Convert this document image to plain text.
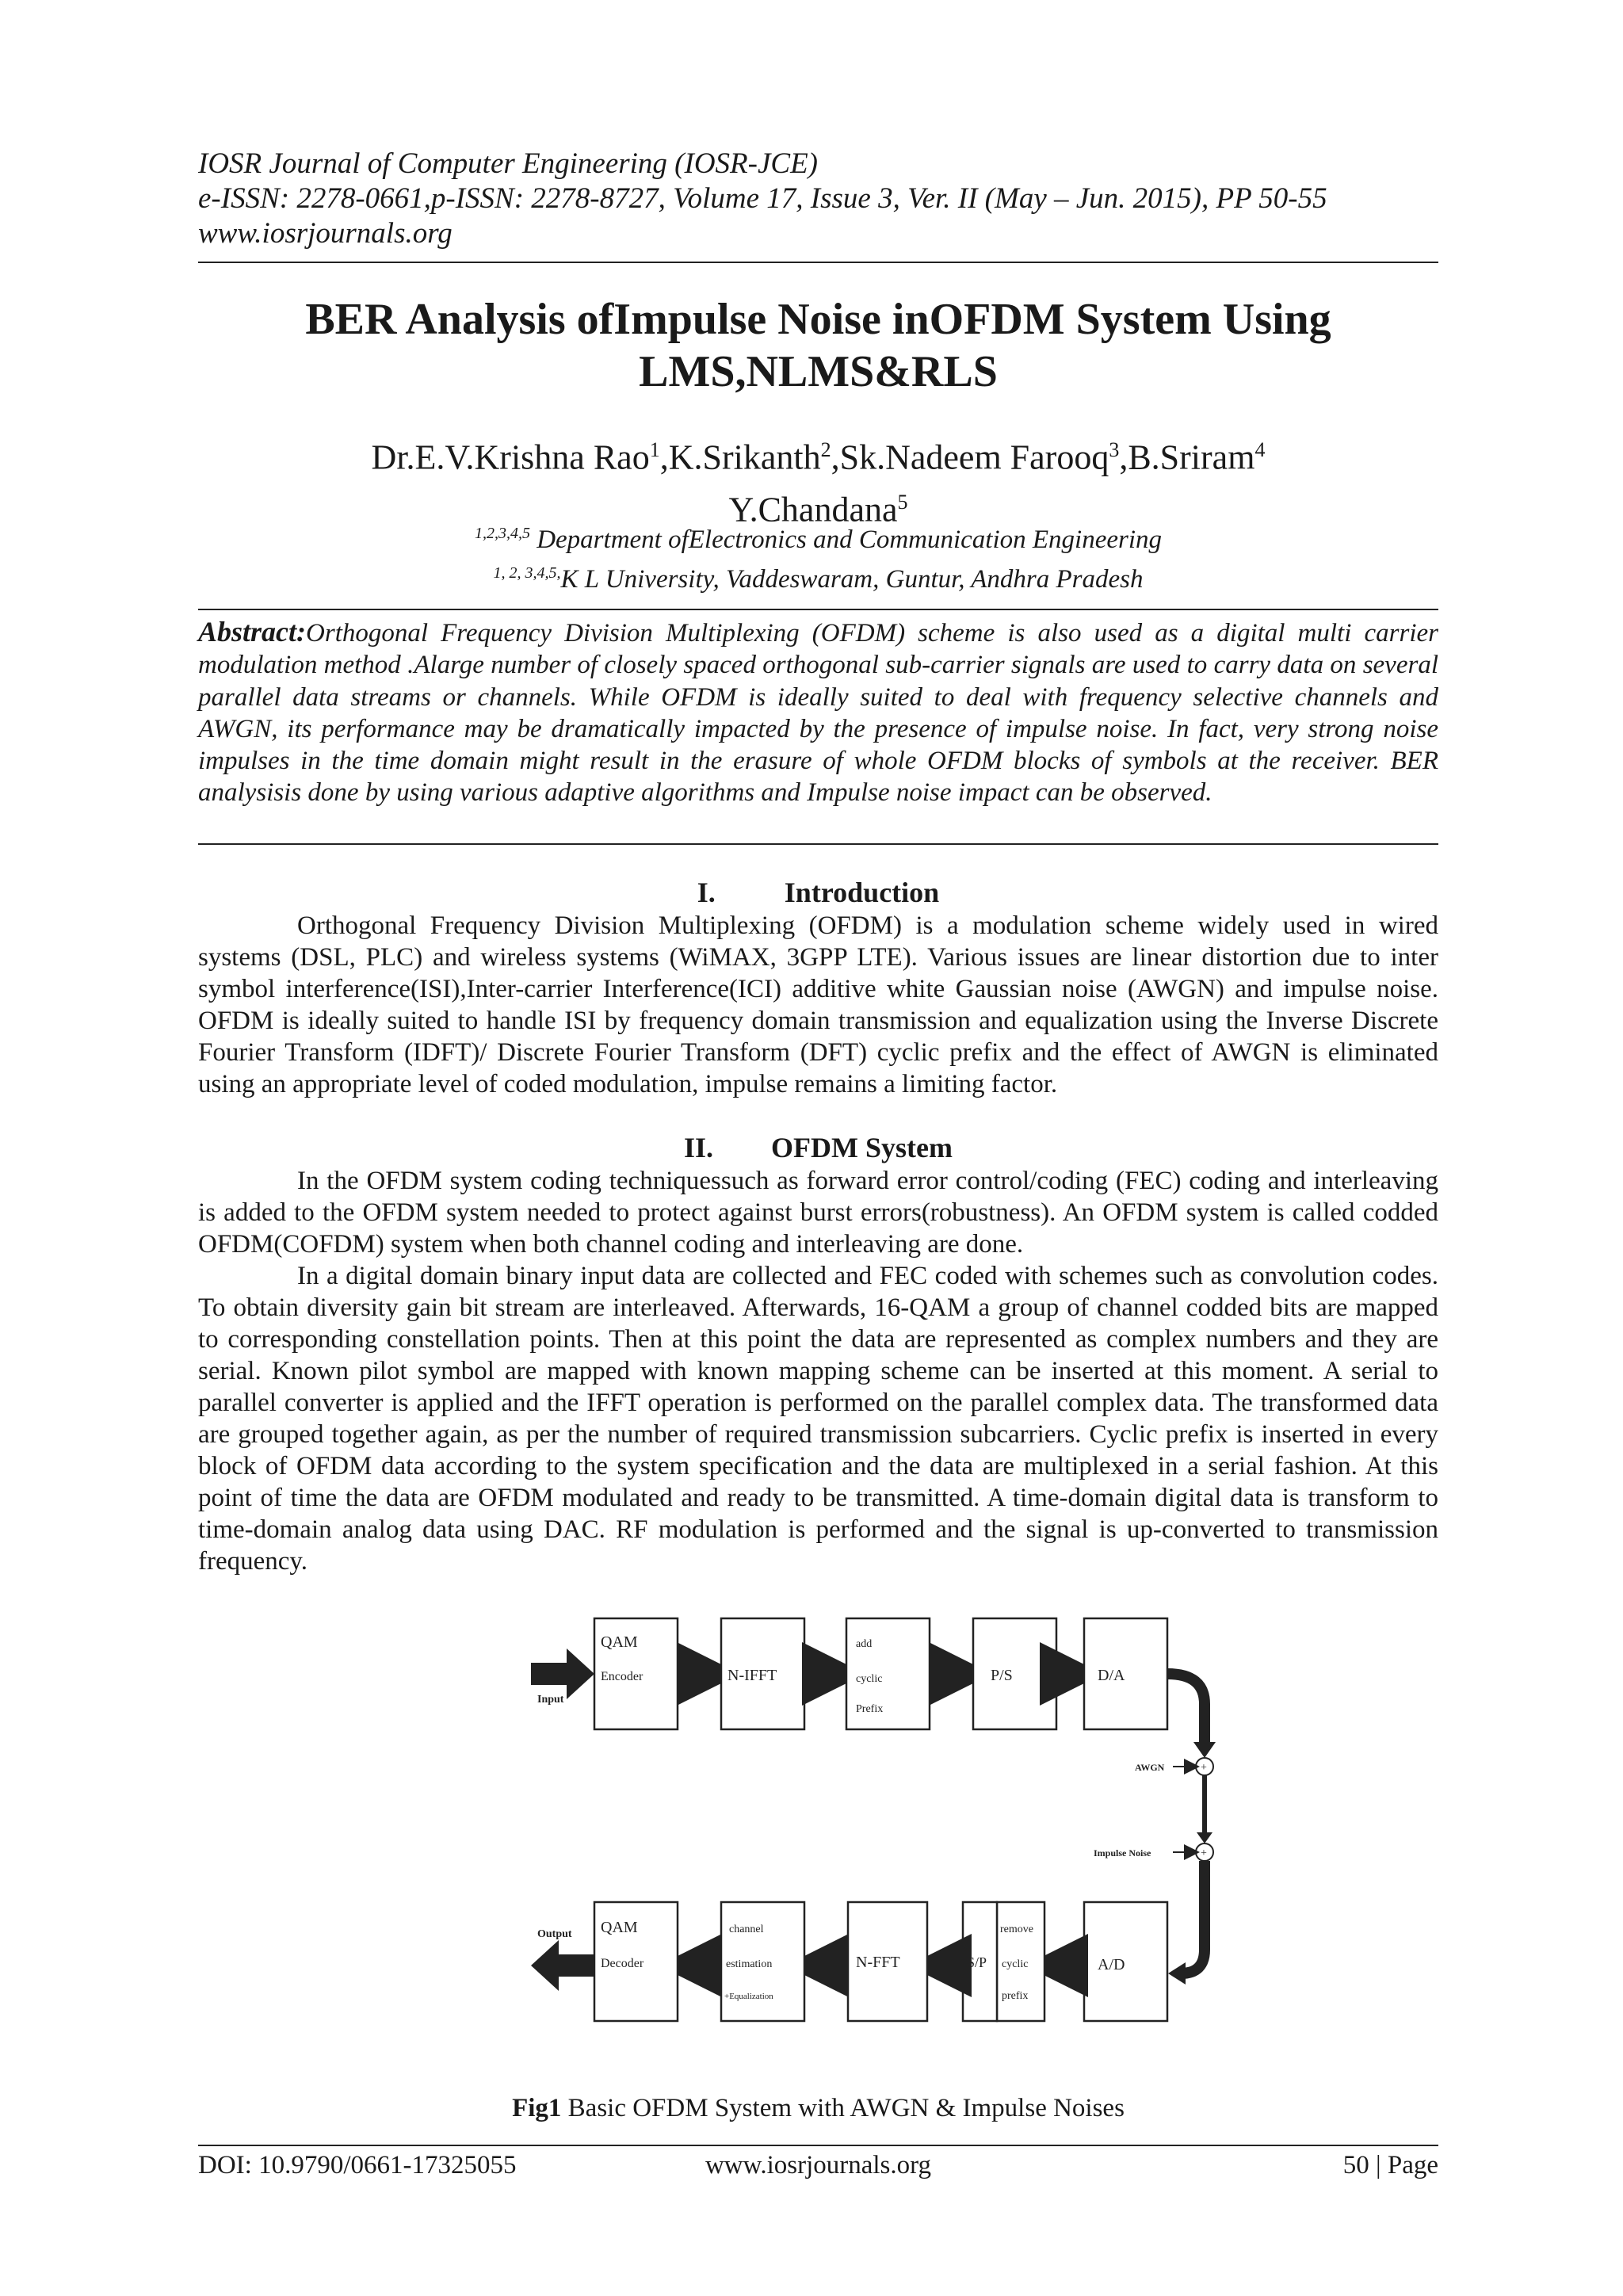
IOSR Journal of Computer Engineering (IOSR-JCE)
e-ISSN: 2278-0661,p-ISSN: 2278-8727, Volume 17, Issue 3, Ver. II (May – Jun. 2015), PP 50-55
www.iosrjournals.org
BER Analysis ofImpulse Noise inOFDM System Using
LMS,NLMS&RLS
Dr.E.V.Krishna Rao$^1$,K.Srikanth$^2$,Sk.Nadeem Farooq$^3$,B.Sriram$^4$
Y.Chandana$^5$
$^{1,2,3,4,5}$ Department ofElectronics and Communication Engineering
$^{1, 2, 3,4,5,}$K L University, Vaddeswaram, Guntur, Andhra Pradesh
Abstract:Orthogonal Frequency Division Multiplexing (OFDM) scheme is also used as a digital multi carrier modulation method .Alarge number of closely spaced orthogonal sub-carrier signals are used to carry data on several parallel data streams or channels. While OFDM is ideally suited to deal with frequency selective channels and AWGN, its performance may be dramatically impacted by the presence of impulse noise. In fact, very strong noise impulses in the time domain might result in the erasure of whole OFDM blocks of symbols at the receiver. BER analysisis done by using various adaptive algorithms and Impulse noise impact can be observed.
I. Introduction
Orthogonal Frequency Division Multiplexing (OFDM) is a modulation scheme widely used in wired systems (DSL, PLC) and wireless systems (WiMAX, 3GPP LTE). Various issues are linear distortion due to inter symbol interference(ISI),Inter-carrier Interference(ICI) additive white Gaussian noise (AWGN) and impulse noise. OFDM is ideally suited to handle ISI by frequency domain transmission and equalization using the Inverse Discrete Fourier Transform (IDFT)/ Discrete Fourier Transform (DFT) cyclic prefix and the effect of AWGN is eliminated using an appropriate level of coded modulation, impulse remains a limiting factor.
II. OFDM System
In the OFDM system coding techniquessuch as forward error control/coding (FEC) coding and interleaving is added to the OFDM system needed to protect against burst errors(robustness). An OFDM system is called codded OFDM(COFDM) system when both channel coding and interleaving are done.
In a digital domain binary input data are collected and FEC coded with schemes such as convolution codes. To obtain diversity gain bit stream are interleaved. Afterwards, 16-QAM a group of channel codded bits are mapped to corresponding constellation points. Then at this point the data are represented as complex numbers and they are serial. Known pilot symbol are mapped with known mapping scheme can be inserted at this moment. A serial to parallel converter is applied and the IFFT operation is performed on the parallel complex data. The transformed data are grouped together again, as per the number of required transmission subcarriers. Cyclic prefix is inserted in every block of OFDM data according to the system specification and the data are multiplexed in a serial fashion. At this point of time the data are OFDM modulated and ready to be transmitted. A time-domain digital data is transform to time-domain analog data using DAC. RF modulation is performed and the signal is up-converted to transmission frequency.
Input
QAM
Encoder	N-IFFT
add
cyclic
Prefix
P/S	D/A
+
AWGN
+
Impulse Noise
A/D
remove
cyclic
prefix
S/P
N-FFT
channel
estimation
+Equalization
QAM
Decoder
Output
Fig1 Basic OFDM System with AWGN & Impulse Noises
www.iosrjournals.org
DOI: 10.9790/0661-17325055	50 | Page
